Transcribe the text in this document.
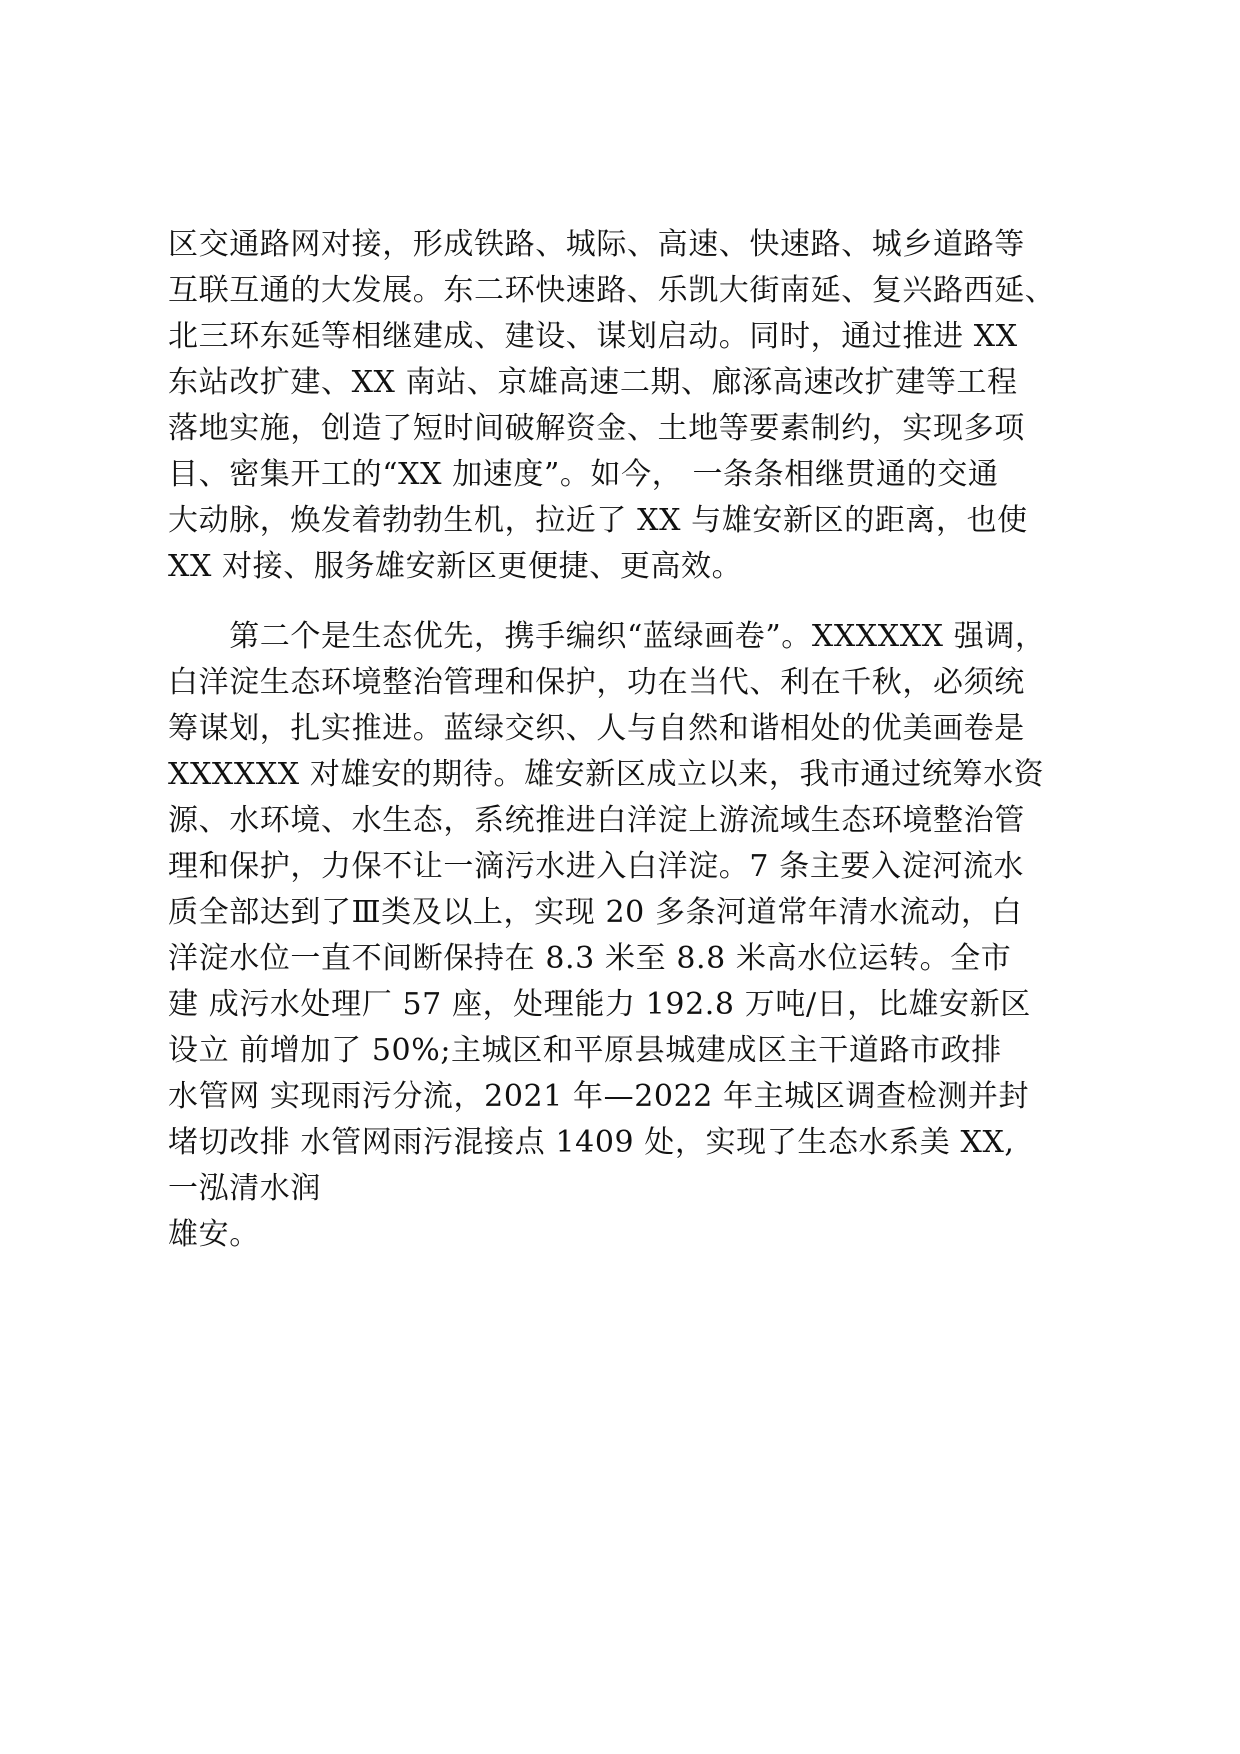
区交通路网对接，形成铁路、城际、高速、快速路、城乡道路等
互联互通的大发展。东二环快速路、乐凯大街南延、复兴路西延、
北三环东延等相继建成、建设、谋划启动。同时，通过推进 XX
东站改扩建、XX 南站、京雄高速二期、廊涿高速改扩建等工程
落地实施，创造了短时间破解资金、土地等要素制约，实现多项
目、密集开工的“XX 加速度”。如今， 一条条相继贯通的交通
大动脉，焕发着勃勃生机，拉近了 XX 与雄安新区的距离，也使
XX 对接、服务雄安新区更便捷、更高效。
　　第二个是生态优先，携手编织“蓝绿画卷”。XXXXXX 强调，
白洋淀生态环境整治管理和保护，功在当代、利在千秋，必须统
筹谋划，扎实推进。蓝绿交织、人与自然和谐相处的优美画卷是
XXXXXX 对雄安的期待。雄安新区成立以来，我市通过统筹水资
源、水环境、水生态，系统推进白洋淀上游流域生态环境整治管
理和保护，力保不让一滴污水进入白洋淀。7 条主要入淀河流水
质全部达到了Ⅲ类及以上，实现 20 多条河道常年清水流动，白
洋淀水位一直不间断保持在 8.3 米至 8.8 米高水位运转。全市
建 成污水处理厂 57 座，处理能力 192.8 万吨/日，比雄安新区
设立 前增加了 50%;主城区和平原县城建成区主干道路市政排
水管网 实现雨污分流，2021 年—2022 年主城区调查检测并封
堵切改排 水管网雨污混接点 1409 处，实现了生态水系美 XX,
一泓清水润
雄安。
